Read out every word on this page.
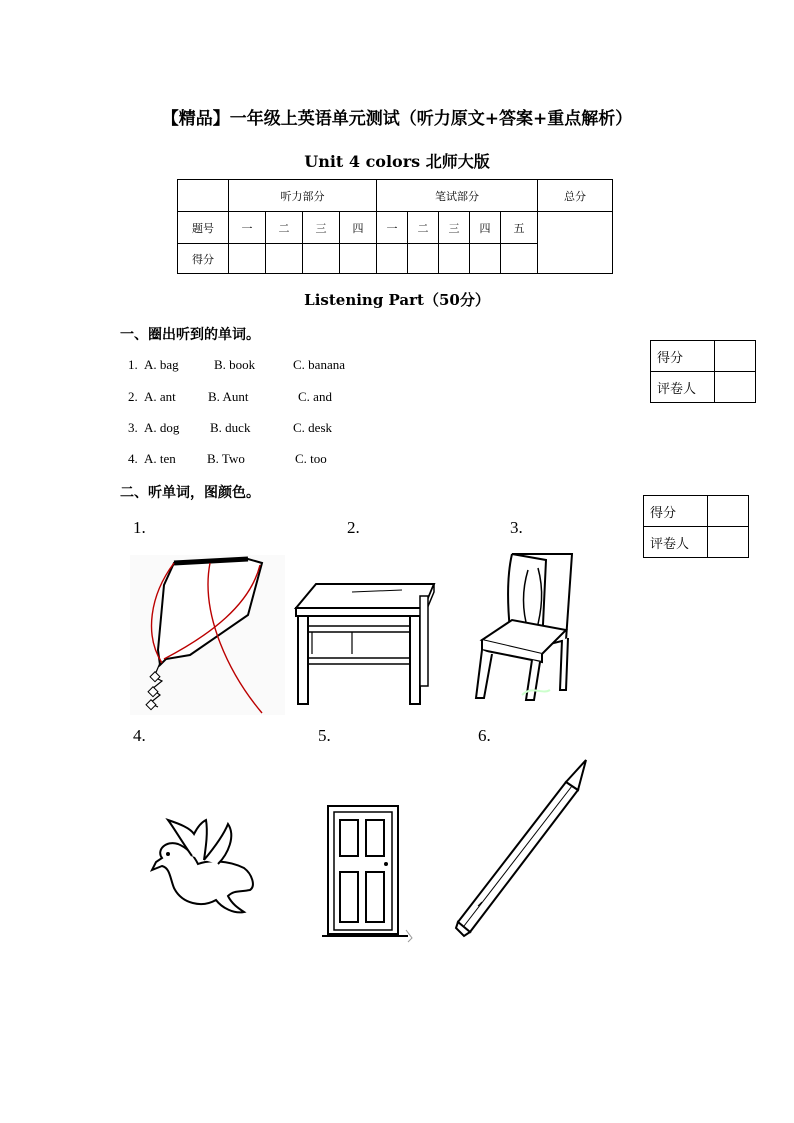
【精品】一年级上英语单元测试（听力原文+答案+重点解析）
Unit 4 colors 北师大版
	听力部分				笔试部分					总分
题号	一	二	三	四	一	二	三	四	五	
得分										
Listening Part（50分）
一、圈出听到的单词。
1. A. bag	B. book	C. banana
2. A. ant B. Aunt	C. and
3. A. dog B. duck	C. desk
4. A. ten B. Two	C. too
得分	
评卷人	
二、听单词，图颜色。
得分	
评卷人	
1.	2.	3.
4.	5.	6.
